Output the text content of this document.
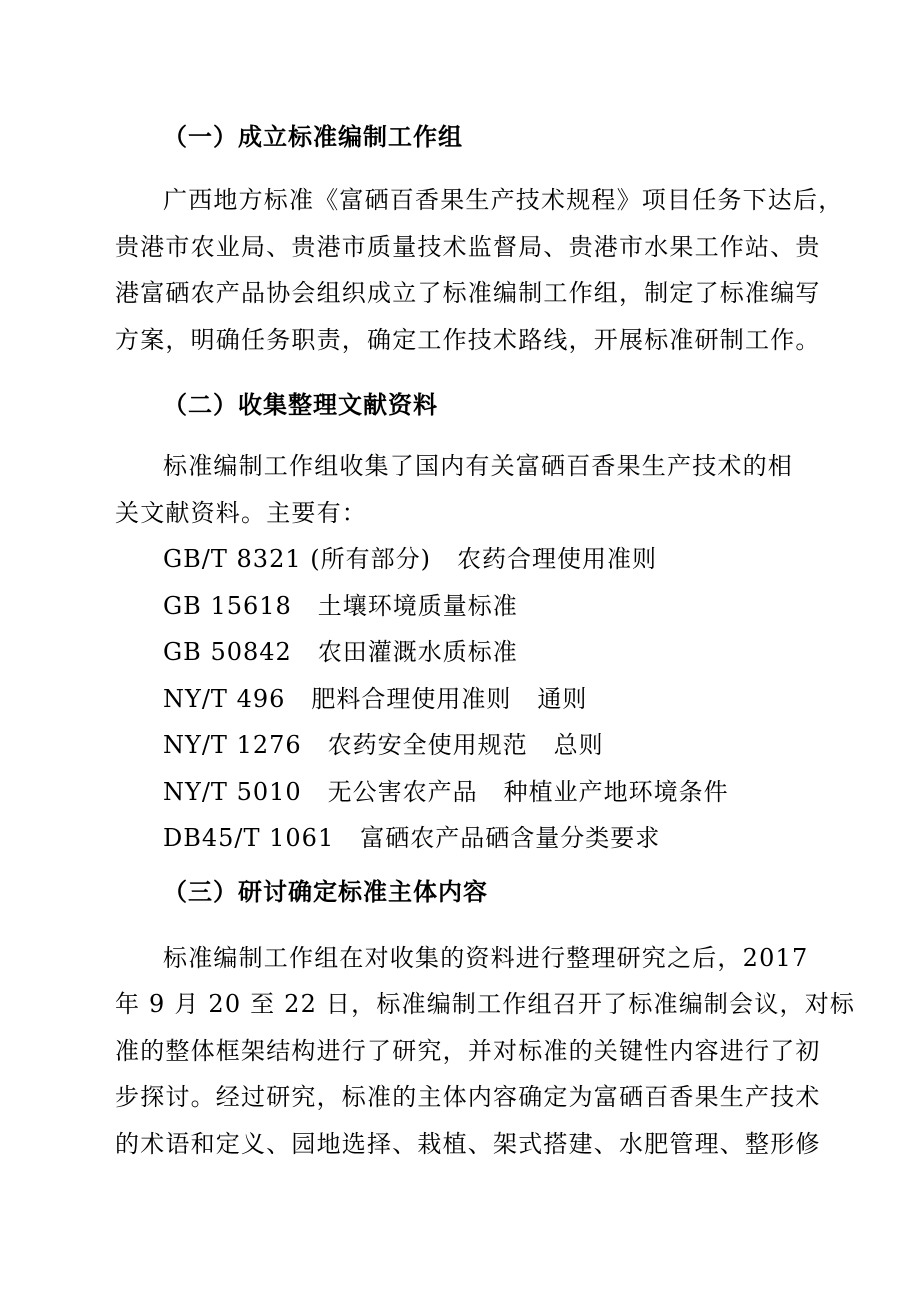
（一）成立标准编制工作组
广西地方标准《富硒百香果生产技术规程》项目任务下达后，
贵港市农业局、贵港市质量技术监督局、贵港市水果工作站、贵
港富硒农产品协会组织成立了标准编制工作组，制定了标准编写
方案，明确任务职责，确定工作技术路线，开展标准研制工作。
（二）收集整理文献资料
标准编制工作组收集了国内有关富硒百香果生产技术的相
关文献资料。主要有：
GB/T 8321 (所有部分) 农药合理使用准则
GB 15618 土壤环境质量标准
GB 50842 农田灌溉水质标准
NY/T 496 肥料合理使用准则 通则
NY/T 1276 农药安全使用规范 总则
NY/T 5010 无公害农产品 种植业产地环境条件
DB45/T 1061 富硒农产品硒含量分类要求
（三）研讨确定标准主体内容
标准编制工作组在对收集的资料进行整理研究之后，2017
年 9 月 20 至 22 日，标准编制工作组召开了标准编制会议，对标
准的整体框架结构进行了研究，并对标准的关键性内容进行了初
步探讨。经过研究，标准的主体内容确定为富硒百香果生产技术
的术语和定义、园地选择、栽植、架式搭建、水肥管理、整形修
